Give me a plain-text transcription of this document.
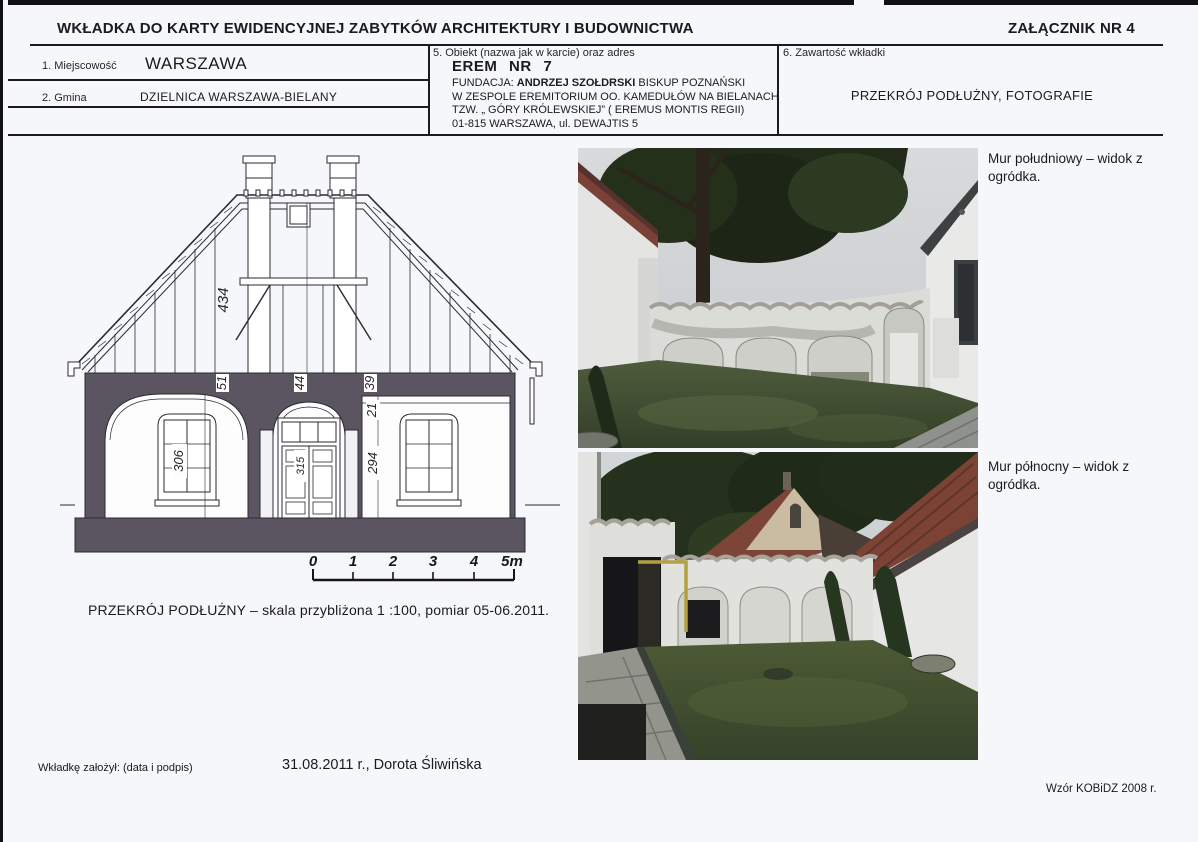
WKŁADKA DO KARTY EWIDENCYJNEJ ZABYTKÓW ARCHITEKTURY I BUDOWNICTWA	ZAŁĄCZNIK NR 4
1. Miejscowość WARSZAWA
2. Gmina	DZIELNICA WARSZAWA-BIELANY
5. Obiekt (nazwa jak w karcie) oraz adres
EREM NR 7
FUNDACJA: ANDRZEJ SZOŁDRSKI BISKUP POZNAŃSKI
W ZESPOLE EREMITORIUM OO. KAMEDUŁÓW NA BIELANACH
TZW. „ GÓRY KRÓLEWSKIEJ” ( EREMUS MONTIS REGII)
01-815 WARSZAWA, ul. DEWAJTIS 5
6. Zawartość wkładki
PRZEKRÓJ PODŁUŻNY, FOTOGRAFIE
434
51	44	39
21
306	315	294
0 1 2 3 4 5m
PRZEKRÓJ PODŁUŻNY – skala przybliżona 1 :100, pomiar 05-06.2011.
Mur południowy – widok z ogródka.
Mur północny – widok z ogródka.
Wkładkę założył: (data i podpis)	31.08.2011 r., Dorota Śliwińska
Wzór KOBiDZ 2008 r.
